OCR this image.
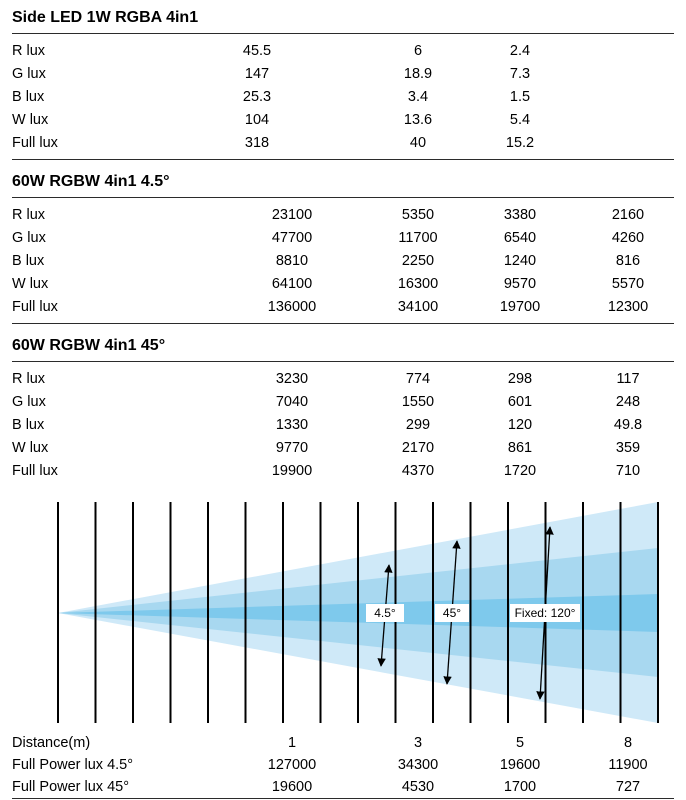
Side LED 1W RGBA 4in1
R lux	45.5	6	2.4
G lux	147	18.9	7.3
B lux	25.3	3.4	1.5
W lux	104	13.6	5.4
Full lux	318	40	15.2
60W RGBW 4in1 4.5°
R lux	23100	5350	3380	2160
G lux	47700	11700	6540	4260
B lux	8810	2250	1240	816
W lux	64100	16300	9570	5570
Full lux	136000	34100	19700	12300
60W RGBW 4in1 45°
R lux	3230	774	298	117
G lux	7040	1550	601	248
B lux	1330	299	120	49.8
W lux	9770	2170	861	359
Full lux	19900	4370	1720	710
4.5°	45°	Fixed: 120°
Distance(m)	1	3	5	8
Full Power lux 4.5°	127000	34300	19600	11900
Full Power lux 45°	19600	4530	1700	727
